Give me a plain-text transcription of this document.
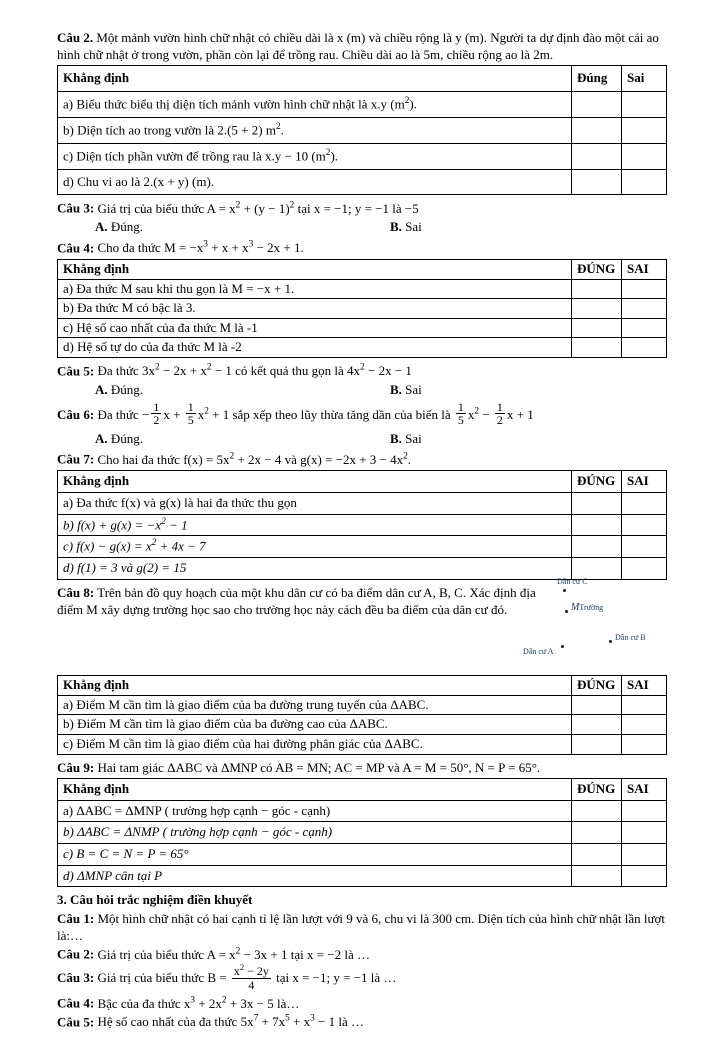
Câu 2. Một mảnh vườn hình chữ nhật có chiều dài là x (m) và chiều rộng là y (m). Người ta dự định đào một cái ao hình chữ nhật ở trong vườn, phần còn lại để trồng rau. Chiều dài ao là 5m, chiều rộng ao là 2m.

Khẳng định	Đúng	Sai
a) Biểu thức biểu thị diện tích mảnh vườn hình chữ nhật là x.y $(m^2)$.		
b) Diện tích ao trong vườn là 2.(5 + 2) $m^2$.		
c) Diện tích phần vườn để trồng rau là x.y − 10 $(m^2)$.		
d) Chu vi ao là 2.(x + y) (m).		

Câu 3: Giá trị của biểu thức $A = x^2 + (y - 1)^2$ tại x = −1; y = −1 là −5

A. Đúng.	B. Sai

Câu 4: Cho đa thức $M = -x^3 + x + x^3 - 2x + 1$.

Khẳng định	ĐÚNG	SAI
a) Đa thức M sau khi thu gọn là M = −x + 1.		
b) Đa thức M có bậc là 3.		
c) Hệ số cao nhất của đa thức M là -1		
d) Hệ số tự do của đa thức M là -2		

Câu 5: Đa thức $3x^2 - 2x + x^2 - 1$ có kết quả thu gọn là $4x^2 - 2x - 1$

A. Đúng.	B. Sai

Câu 6: Đa thức − $\frac{1}{2}$ $x + \frac{1}{5} x^2 + 1$ sắp xếp theo lũy thừa tăng dần của biến là $\frac{1}{5} x^2 - \frac{1}{2}$ x + 1

A. Đúng.	B. Sai

Câu 7: Cho hai đa thức $f(x) = 5x^2 + 2x - 4$ và $g(x) = -2x + 3 - 4x^2$.

Khẳng định	ĐÚNG	SAI
a) Đa thức f(x) và g(x) là hai đa thức thu gọn		
b) $f(x) + g(x) = -x^2 - 1$		
c) $f(x) - g(x) = x^2 + 4x - 7$		
d) f(1) = 3 và g(2) = 15		

Câu 8: Trên bản đồ quy hoạch của một khu dân cư có ba điểm dân cư A, B, C. Xác định địa điểm M xây dựng trường học sao cho trường học này cách đều ba điểm của dân cư đó.

Dân cư C
MTrường
Dân cư B
Dân cư A
Khẳng định	ĐÚNG	SAI
a) Điểm M cần tìm là giao điểm của ba đường trung tuyến của ΔABC.		
b) Điểm M cần tìm là giao điểm của ba đường cao của ΔABC.		
c) Điểm M cần tìm là giao điểm của hai đường phân giác của ΔABC.		

Câu 9: Hai tam giác ΔABC và ΔMNP có AB = MN; AC = MP và A = M = 50°, N = P = 65°.

Khẳng định	ĐÚNG	SAI
a) ΔABC = ΔMNP ( trường hợp cạnh − góc - cạnh)		
b) ΔABC = ΔNMP ( trường hợp cạnh − góc - cạnh)		
c) B = C = N = P = 65°		
d) ΔMNP cân tại P		

3. Câu hỏi trắc nghiệm điền khuyết

Câu 1: Một hình chữ nhật có hai cạnh tỉ lệ lần lượt với 9 và 6, chu vi là 300 cm. Diện tích của hình chữ nhật lần lượt là:…

Câu 2: Giá trị của biểu thức $A = x^2 - 3x + 1$ tại x = −2 là …

Câu 3: Giá trị của biểu thức $B = \frac{x^2 - 2y}{4}$ tại x = −1; y = −1 là …

Câu 4: Bậc của đa thức $x^3 + 2x^2 + 3x - 5$ là…

Câu 5: Hệ số cao nhất của đa thức $5x^7 + 7x^5 + x^3 - 1$ là …
